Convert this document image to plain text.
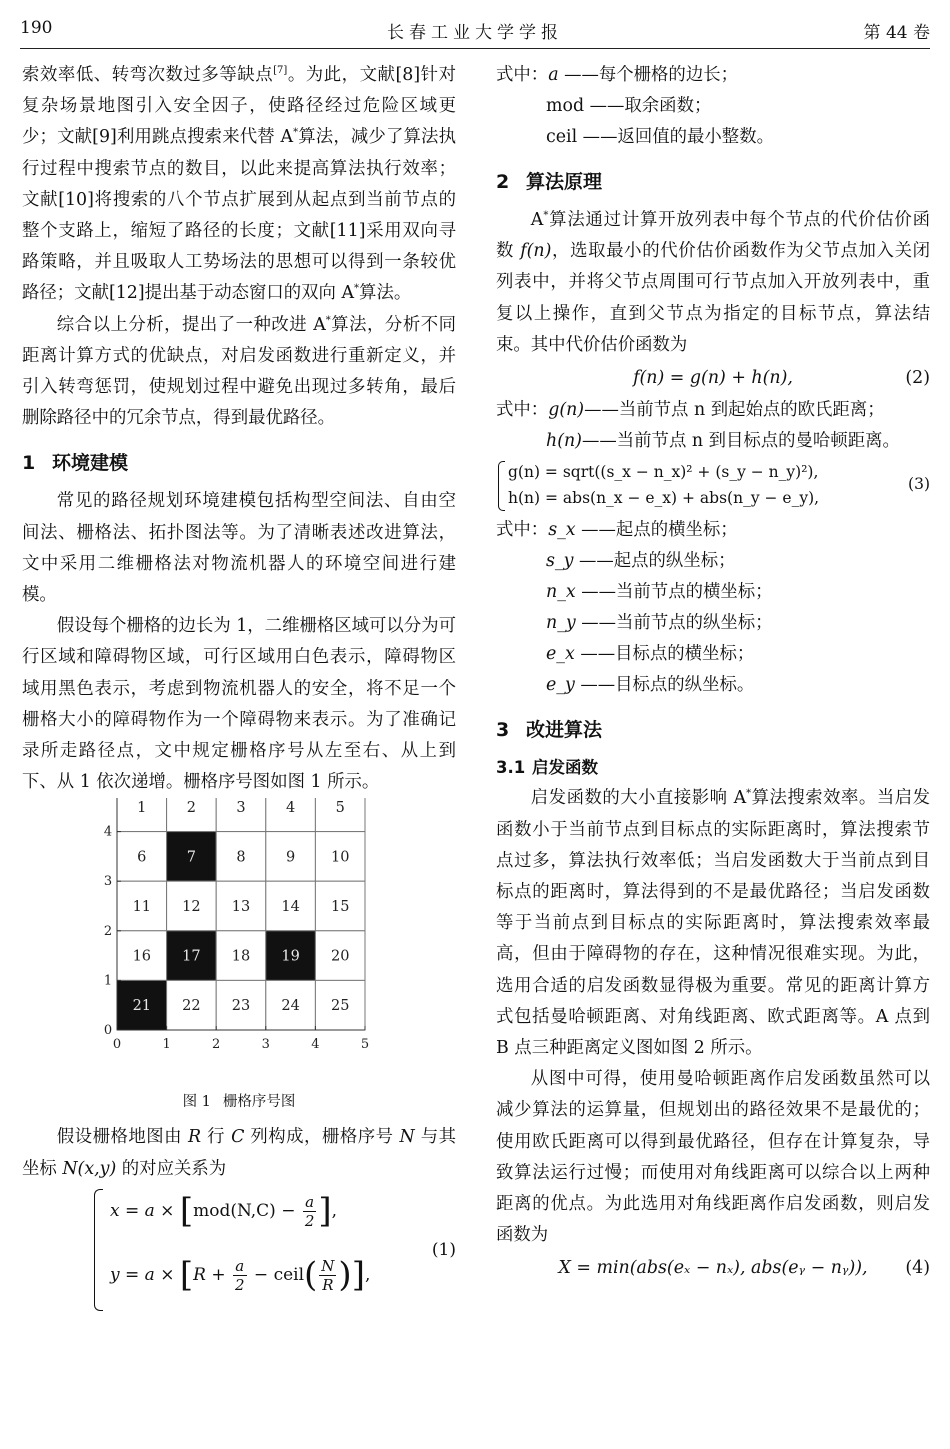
190	长春工业大学学报	第 44 卷

索效率低、转弯次数过多等缺点[7]。为此，文献[8]针对复杂场景地图引入安全因子，使路径经过危险区域更少；文献[9]利用跳点搜索来代替 A*算法，减少了算法执行过程中搜索节点的数目，以此来提高算法执行效率；文献[10]将搜索的八个节点扩展到从起点到当前节点的整个支路上，缩短了路径的长度；文献[11]采用双向寻路策略，并且吸取人工势场法的思想可以得到一条较优路径；文献[12]提出基于动态窗口的双向 A*算法。

综合以上分析，提出了一种改进 A*算法，分析不同距离计算方式的优缺点，对启发函数进行重新定义，并引入转弯惩罚，使规划过程中避免出现过多转角，最后删除路径中的冗余节点，得到最优路径。

1 环境建模

常见的路径规划环境建模包括构型空间法、自由空间法、栅格法、拓扑图法等。为了清晰表述改进算法，文中采用二维栅格法对物流机器人的环境空间进行建模。

假设每个栅格的边长为 1，二维栅格区域可以分为可行区域和障碍物区域，可行区域用白色表示，障碍物区域用黑色表示，考虑到物流机器人的安全，将不足一个栅格大小的障碍物作为一个障碍物来表示。为了准确记录所走路径点，文中规定栅格序号从左至右、从上到下、从 1 依次递增。栅格序号图如图 1 所示。

1	2	3	4	5
6	7	8	9 10
11 12 13 14 15
16 17 18 19 20
21 22 23 24 25
0	1	2	3	4	5
0
1
2
3
4
图 1 栅格序号图

假设栅格地图由 R 行 C 列构成，栅格序号 N 与其坐标 N(x,y) 的对应关系为

$x = a \times [mod(N,C) - \frac{a}{2}$ ],
$y = a \times [R + \frac{a}{2}$ − ceil( $\frac{N}{R}$ )],
(1)

式中：a ——每个栅格的边长；

mod ——取余函数；

ceil ——返回值的最小整数。

2 算法原理

A*算法通过计算开放列表中每个节点的代价估价函数 f(n)，选取最小的代价估价函数作为父节点加入关闭列表中，并将父节点周围可行节点加入开放列表中，重复以上操作，直到父节点为指定的目标节点，算法结束。其中代价估价函数为

f(n) = g(n) + h(n),	(2)

式中：g(n)——当前节点 n 到起始点的欧氏距离；

h(n)——当前节点 n 到目标点的曼哈顿距离。

g(n) = sqrt((s_x − n_x)² + (s_y − n_y)²),
h(n) = abs(n_x − e_x) + abs(n_y − e_y),
(3)

式中：s_x ——起点的横坐标；

s_y ——起点的纵坐标；

n_x ——当前节点的横坐标；

n_y ——当前节点的纵坐标；

e_x ——目标点的横坐标；

e_y ——目标点的纵坐标。

3 改进算法
3.1 启发函数

启发函数的大小直接影响 A*算法搜索效率。当启发函数小于当前节点到目标点的实际距离时，算法搜索节点过多，算法执行效率低；当启发函数大于当前点到目标点的距离时，算法得到的不是最优路径；当启发函数等于当前点到目标点的实际距离时，算法搜索效率最高，但由于障碍物的存在，这种情况很难实现。为此，选用合适的启发函数显得极为重要。常见的距离计算方式包括曼哈顿距离、对角线距离、欧式距离等。A 点到 B 点三种距离定义图如图 2 所示。

从图中可得，使用曼哈顿距离作启发函数虽然可以减少算法的运算量，但规划出的路径效果不是最优的；使用欧氏距离可以得到最优路径，但存在计算复杂，导致算法运行过慢；而使用对角线距离可以综合以上两种距离的优点。为此选用对角线距离作启发函数，则启发函数为

X = min(abs(eₓ − nₓ), abs(eᵧ − nᵧ)), (4)
